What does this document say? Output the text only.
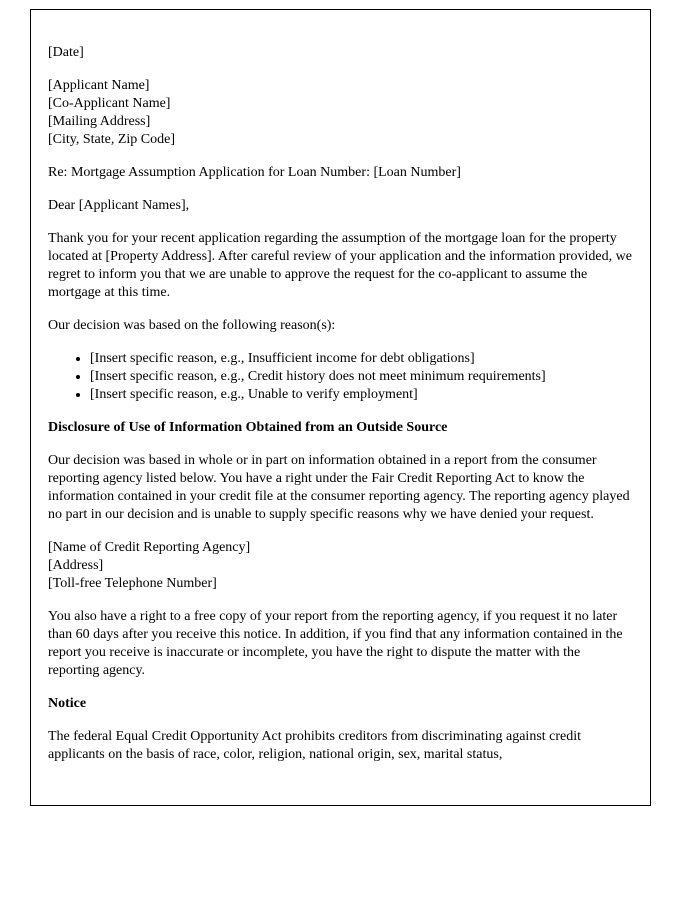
[Date]

[Applicant Name]
[Co-Applicant Name]
[Mailing Address]
[City, State, Zip Code]

Re: Mortgage Assumption Application for Loan Number: [Loan Number]

Dear [Applicant Names],

Thank you for your recent application regarding the assumption of the mortgage loan for the property located at [Property Address]. After careful review of your application and the information provided, we regret to inform you that we are unable to approve the request for the co-applicant to assume the mortgage at this time.

Our decision was based on the following reason(s):

• [Insert specific reason, e.g., Insufficient income for debt obligations]
• [Insert specific reason, e.g., Credit history does not meet minimum requirements]
• [Insert specific reason, e.g., Unable to verify employment]
Disclosure of Use of Information Obtained from an Outside Source

Our decision was based in whole or in part on information obtained in a report from the consumer reporting agency listed below. You have a right under the Fair Credit Reporting Act to know the information contained in your credit file at the consumer reporting agency. The reporting agency played no part in our decision and is unable to supply specific reasons why we have denied your request.

[Name of Credit Reporting Agency]
[Address]
[Toll-free Telephone Number]

You also have a right to a free copy of your report from the reporting agency, if you request it no later than 60 days after you receive this notice. In addition, if you find that any information contained in the report you receive is inaccurate or incomplete, you have the right to dispute the matter with the reporting agency.

Notice

The federal Equal Credit Opportunity Act prohibits creditors from discriminating against credit applicants on the basis of race, color, religion, national origin, sex, marital status,
